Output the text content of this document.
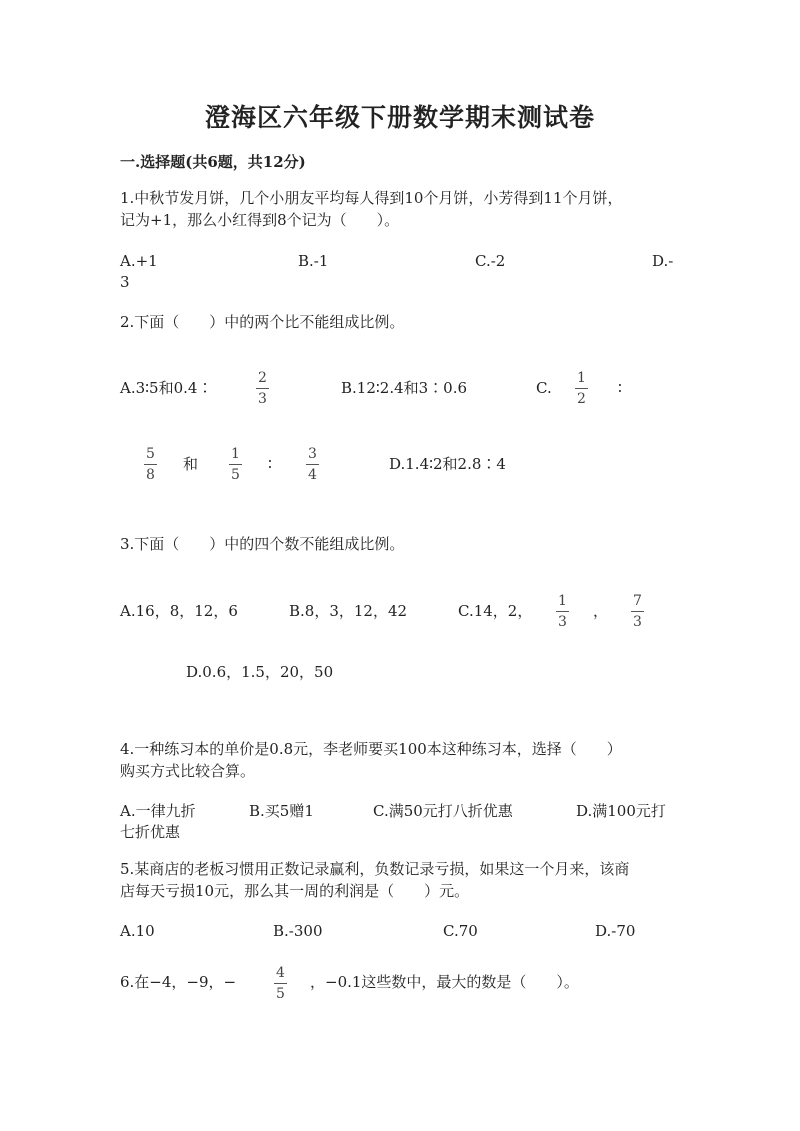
澄海区六年级下册数学期末测试卷
一.选择题(共6题，共12分)
1.中秋节发月饼，几个小朋友平均每人得到10个月饼，小芳得到11个月饼，
记为+1，那么小红得到8个记为（　　）。
A.+1	B.-1	C.-2	D.-
3
2.下面（　　）中的两个比不能组成比例。
A.3∶5和0.4∶
2
3
B.12∶2.4和3∶0.6	C.
1
2
∶
5
8
和
1
5
∶
3
4
D.1.4∶2和2.8∶4
3.下面（　　）中的四个数不能组成比例。
A.16，8，12，6	B.8，3，12，42	C.14，2，
1
3
，
7
3
D.0.6，1.5，20，50
4.一种练习本的单价是0.8元，李老师要买100本这种练习本，选择（　　）
购买方式比较合算。
A.一律九折	B.买5赠1	C.满50元打八折优惠	D.满100元打
七折优惠
5.某商店的老板习惯用正数记录赢利，负数记录亏损，如果这一个月来，该商
店每天亏损10元，那么其一周的利润是（　　）元。
A.10	B.-300	C.70	D.-70
6.在−4，−9，−	4
5
，−0.1这些数中，最大的数是（　　）。
